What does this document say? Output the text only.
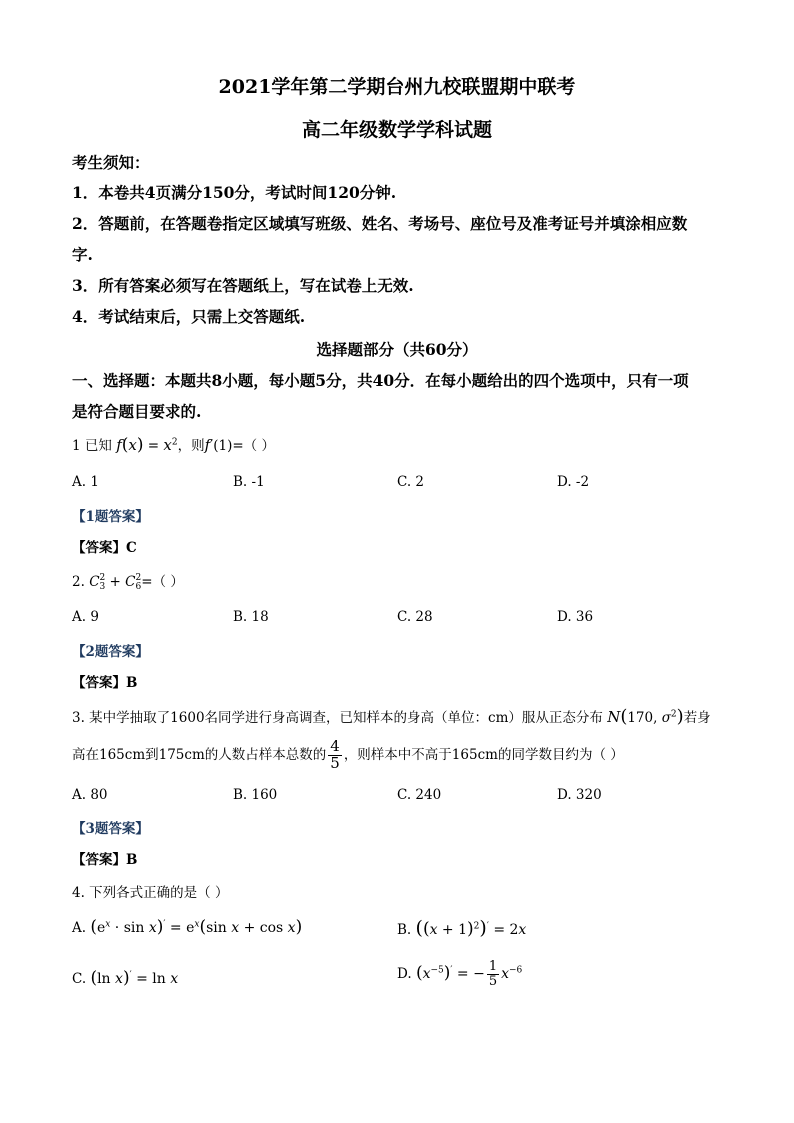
2021学年第二学期台州九校联盟期中联考
高二年级数学学科试题
考生须知：
1．本卷共4页满分150分，考试时间120分钟.
2．答题前，在答题卷指定区域填写班级、姓名、考场号、座位号及准考证号并填涂相应数
字.
3．所有答案必须写在答题纸上，写在试卷上无效.
4．考试结束后，只需上交答题纸.
选择题部分（共60分）
一、选择题：本题共8小题，每小题5分，共40分．在每小题给出的四个选项中，只有一项
是符合题目要求的.
1 已知 $f(x) = x^2$，则f′(1)=（ ）
A. 1	B. -1	C. 2	D. -2
【1题答案】
【答案】C
2. C 2
3 + C 2
6 =（ ）
A. 9	B. 18	C. 28	D. 36
【2题答案】
【答案】B
3. 某中学抽取了1600名同学进行身高调查，已知样本的身高（单位：cm）服从正态分布 N(170, $\sigma^2$)若身
高在165cm到175cm的人数占样本总数的 $\frac{4}{5}$ ，则样本中不高于165cm的同学数目约为（ ）
A. 80	B. 160	C. 240	D. 320
【3题答案】
【答案】B
4. 下列各式正确的是（ ）
A. $(e^x \cdot \sin x)' = e^x(\sin$ x + cos x)	B. $((x + 1)^2)' = 2x$
C. (ln x)′ = ln x	D. $(x^{-5})'$ = − $\frac{1}{5} x^{-6}$
